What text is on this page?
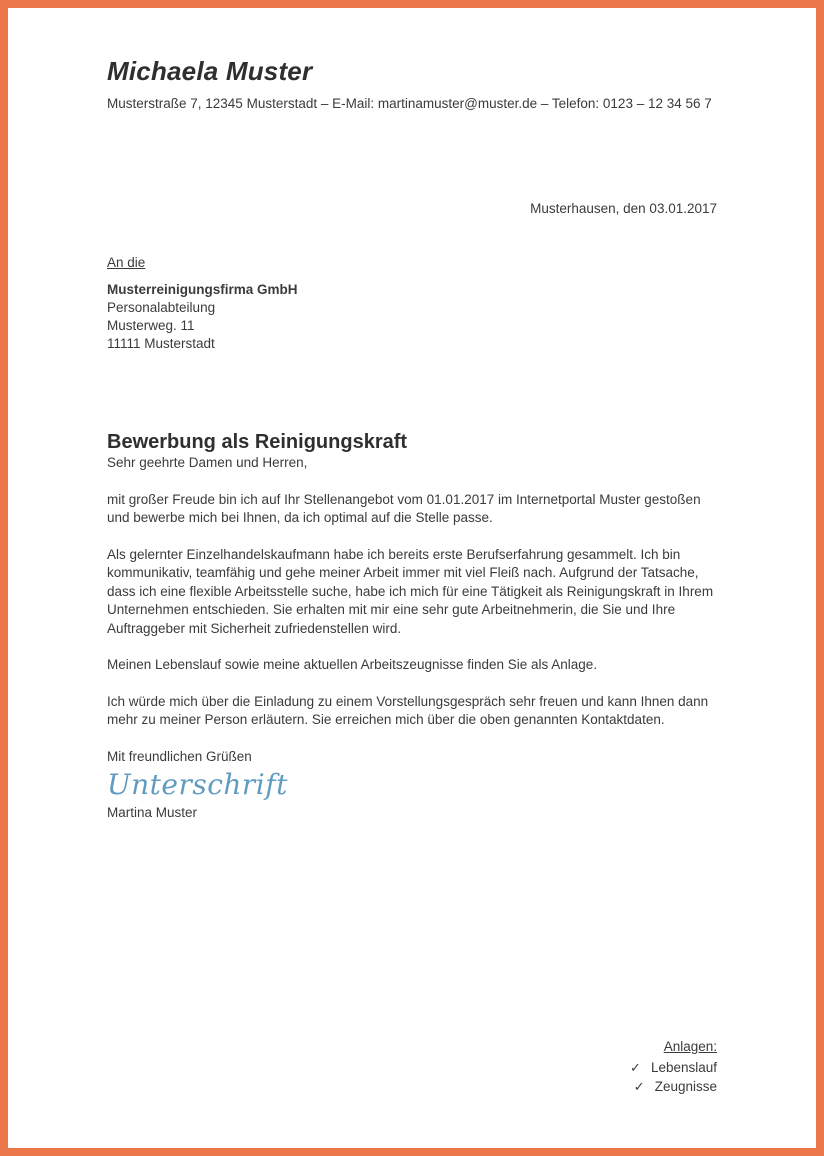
Michaela Muster
Musterstraße 7, 12345 Musterstadt – E-Mail: martinamuster@muster.de – Telefon: 0123 – 12 34 56 7
Musterhausen, den 03.01.2017
An die
Musterreinigungsfirma GmbH
Personalabteilung
Musterweg. 11
11111 Musterstadt
Bewerbung als Reinigungskraft

Sehr geehrte Damen und Herren,

mit großer Freude bin ich auf Ihr Stellenangebot vom 01.01.2017 im Internetportal Muster gestoßen und bewerbe mich bei Ihnen, da ich optimal auf die Stelle passe.

Als gelernter Einzelhandelskaufmann habe ich bereits erste Berufserfahrung gesammelt. Ich bin kommunikativ, teamfähig und gehe meiner Arbeit immer mit viel Fleiß nach. Aufgrund der Tatsache, dass ich eine flexible Arbeitsstelle suche, habe ich mich für eine Tätigkeit als Reinigungskraft in Ihrem Unternehmen entschieden. Sie erhalten mit mir eine sehr gute Arbeitnehmerin, die Sie und Ihre Auftraggeber mit Sicherheit zufriedenstellen wird.

Meinen Lebenslauf sowie meine aktuellen Arbeitszeugnisse finden Sie als Anlage.

Ich würde mich über die Einladung zu einem Vorstellungsgespräch sehr freuen und kann Ihnen dann mehr zu meiner Person erläutern. Sie erreichen mich über die oben genannten Kontaktdaten.

Mit freundlichen Grüßen

Unterschrift
Martina Muster
Anlagen:
✓ Lebenslauf
✓ Zeugnisse
